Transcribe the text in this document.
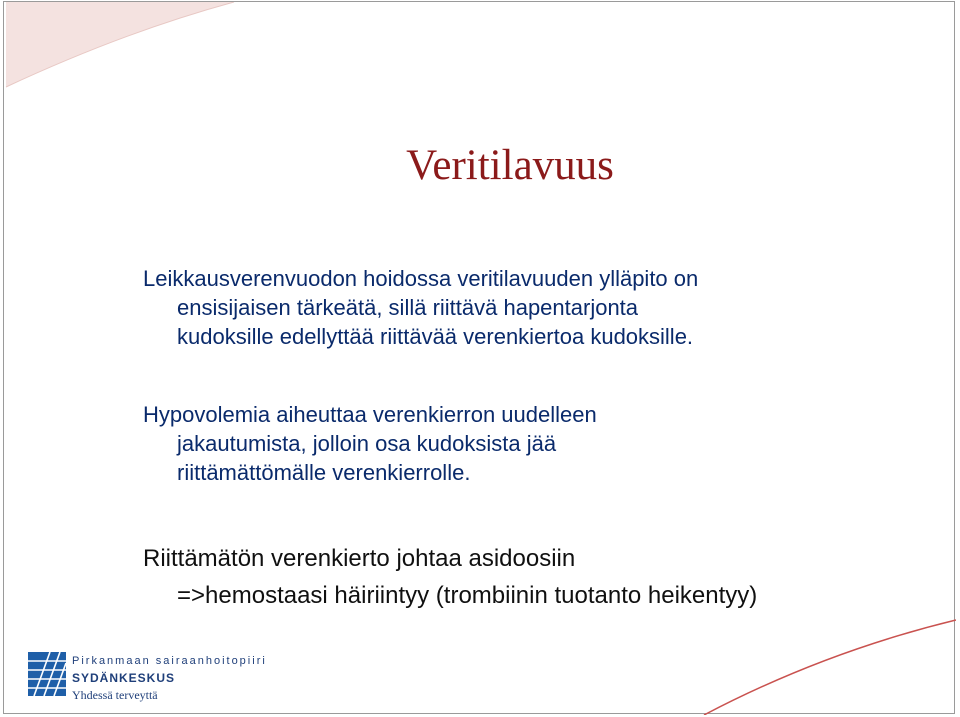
Veritilavuus
Leikkausverenvuodon hoidossa veritilavuuden ylläpito on
ensisijaisen tärkeätä, sillä riittävä hapentarjonta
kudoksille edellyttää riittävää verenkiertoa kudoksille.
Hypovolemia aiheuttaa verenkierron uudelleen
jakautumista, jolloin osa kudoksista jää
riittämättömälle verenkierrolle.
Riittämätön verenkierto johtaa asidoosiin
=>hemostaasi häiriintyy (trombiinin tuotanto heikentyy)
Pirkanmaan sairaanhoitopiiri
SYDÄNKESKUS
Yhdessä terveyttä
